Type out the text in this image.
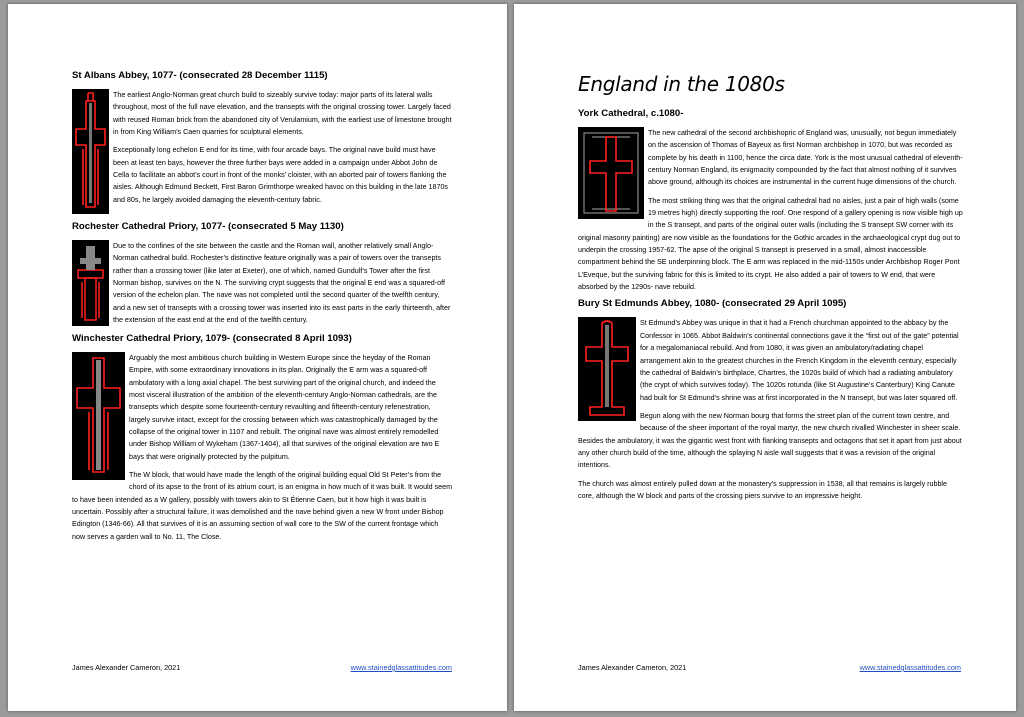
St Albans Abbey, 1077- (consecrated 28 December 1115)

The earliest Anglo-Norman great church build to sizeably survive today: major parts of its lateral walls throughout, most of the full nave elevation, and the transepts with the original crossing tower. Largely faced with reused Roman brick from the abandoned city of Verulamium, with the earliest use of limestone brought in from King William’s Caen quarries for sculptural elements.

Exceptionally long echelon E end for its time, with four arcade bays. The original nave build must have been at least ten bays, however the three further bays were added in a campaign under Abbot John de Cella to facilitate an abbot’s court in front of the monks’ cloister, with an aborted pair of towers flanking the aisles. Although Edmund Beckett, First Baron Grimthorpe wreaked havoc on this building in the late 1870s and 80s, he largely avoided damaging the eleventh-century fabric.

Rochester Cathedral Priory, 1077- (consecrated 5 May 1130)

Due to the confines of the site between the castle and the Roman wall, another relatively small Anglo-Norman cathedral build. Rochester’s distinctive feature originally was a pair of towers over the transepts rather than a crossing tower (like later at Exeter), one of which, named Gundulf’s Tower after the first Norman bishop, survives on the N. The surviving crypt suggests that the original E end was a squared-off version of the echelon plan. The nave was not completed until the second quarter of the twelfth century, and a new set of transepts with a crossing tower was inserted into its east parts in the early thirteenth, after the extension of the east end at the end of the twelfth century.

Winchester Cathedral Priory, 1079- (consecrated 8 April 1093)

Arguably the most ambitious church building in Western Europe since the heyday of the Roman Empire, with some extraordinary innovations in its plan. Originally the E arm was a squared-off ambulatory with a long axial chapel. The best surviving part of the original church, and indeed the most visceral illustration of the ambition of the eleventh-century Anglo-Norman cathedrals, are the transepts which despite some fourteenth-century revaulting and fifteenth-century refenestration, largely survive intact, except for the crossing between which was catastrophically damaged by the collapse of the original tower in 1107 and rebuilt. The original nave was almost entirely remodelled under Bishop William of Wykeham (1367-1404), all that survives of the original elevation are two E bays that were originally protected by the pulpitum.

The W block, that would have made the length of the original building equal Old St Peter’s from the chord of its apse to the front of its atrium court, is an enigma in how much of it was built. It would seem to have been intended as a W gallery, possibly with towers akin to St Étienne Caen, but it how high it was built is uncertain. Possibly after a structural failure, it was demolished and the nave behind given a new W front under Bishop Edington (1346-66). All that survives of it is an assuming section of wall core to the SW of the current frontage which now serves a garden wall to No. 11, The Close.

James Alexander Cameron, 2021	www.stainedglassattitudes.com
England in the 1080s
York Cathedral, c.1080-

The new cathedral of the second archbishopric of England was, unusually, not begun immediately on the ascension of Thomas of Bayeux as first Norman archbishop in 1070, but was recorded as complete by his death in 1100, hence the circa date. York is the most unusual cathedral of eleventh-century Norman England, its enigmacity compounded by the fact that almost nothing of it survives above ground, although its choices are instrumental in the current huge dimensions of the church.

The most striking thing was that the original cathedral had no aisles, just a pair of high walls (some 19 metres high) directly supporting the roof. One respond of a gallery opening is now visible high up in the S transept, and parts of the original outer walls (including the S transept SW corner with its original masonry painting) are now visible as the foundations for the Gothic arcades in the archaeological crypt dug out to underpin the crossing 1957-62. The apse of the original S transept is preserved in a small, almost inaccessible compartment behind the SE underpinning block. The E arm was replaced in the mid-1150s under Archbishop Roger Pont L’Eveque, but the surviving fabric for this is limited to its crypt. He also added a pair of towers to W end, that were absorbed by the 1290s- nave rebuild.

Bury St Edmunds Abbey, 1080- (consecrated 29 April 1095)

St Edmund’s Abbey was unique in that it had a French churchman appointed to the abbacy by the Confessor in 1065. Abbot Baldwin’s continental connections gave it the “first out of the gate” potential for a megalomaniacal rebuild. And from 1080, it was given an ambulatory/radiating chapel arrangement akin to the greatest churches in the French Kingdom in the eleventh century, especially the cathedral of Baldwin’s birthplace, Chartres, the 1020s build of which had a radiating ambulatory (the crypt of which survives today). The 1020s rotunda (like St Augustine’s Canterbury) King Canute had built for St Edmund’s shrine was at first incorporated in the N transept, but was later squared off.

Begun along with the new Norman bourg that forms the street plan of the current town centre, and because of the sheer important of the royal martyr, the new church rivalled Winchester in sheer scale. Besides the ambulatory, it was the gigantic west front with flanking transepts and octagons that set it apart from just about any other church build of the time, although the splaying N aisle wall suggests that it was a revision of the original intentions.

The church was almost entirely pulled down at the monastery’s suppression in 1538, all that remains is largely rubble core, although the W block and parts of the crossing piers survive to an impressive height.

James Alexander Cameron, 2021	www.stainedglassattitudes.com
